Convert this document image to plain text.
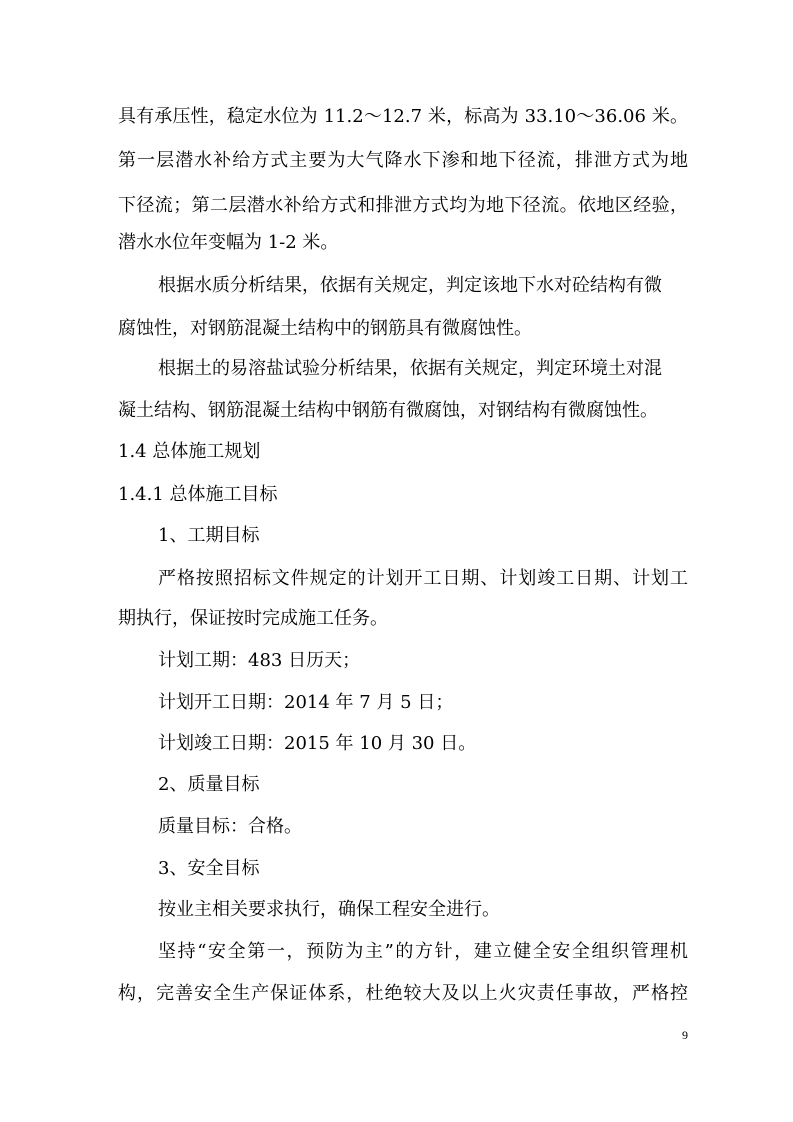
具有承压性，稳定水位为 11.2～12.7 米，标高为 33.10～36.06 米。
第一层潜水补给方式主要为大气降水下渗和地下径流，排泄方式为地
下径流；第二层潜水补给方式和排泄方式均为地下径流。依地区经验，
潜水水位年变幅为 1-2 米。
根据水质分析结果，依据有关规定，判定该地下水对砼结构有微
腐蚀性，对钢筋混凝土结构中的钢筋具有微腐蚀性。
根据土的易溶盐试验分析结果，依据有关规定，判定环境土对混
凝土结构、钢筋混凝土结构中钢筋有微腐蚀，对钢结构有微腐蚀性。
1.4 总体施工规划
1.4.1 总体施工目标
1、工期目标
严格按照招标文件规定的计划开工日期、计划竣工日期、计划工
期执行，保证按时完成施工任务。
计划工期：483 日历天；
计划开工日期：2014 年 7 月 5 日；
计划竣工日期：2015 年 10 月 30 日。
2、质量目标
质量目标：合格。
3、安全目标
按业主相关要求执行，确保工程安全进行。
坚持“安全第一，预防为主”的方针，建立健全安全组织管理机
构，完善安全生产保证体系，杜绝较大及以上火灾责任事故，严格控
9
